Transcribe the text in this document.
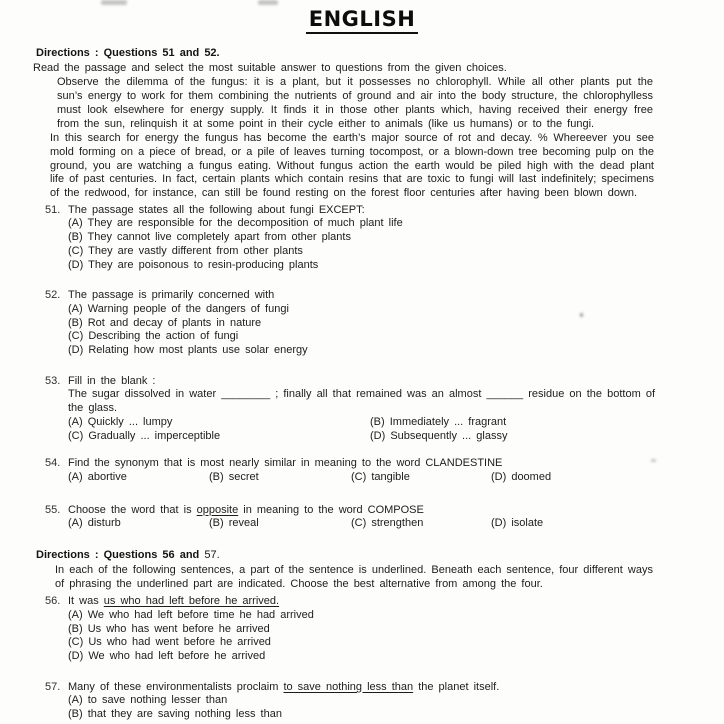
ENGLISH
Directions : Questions 51 and 52.
Read the passage and select the most suitable answer to questions from the given choices.

Observe the dilemma of the fungus: it is a plant, but it possesses no chlorophyll. While all other plants put the sun’s energy to work for them combining the nutrients of ground and air into the body structure, the chlorophylless must look elsewhere for energy supply. It finds it in those other plants which, having received their energy free from the sun, relinquish it at some point in their cycle either to animals (like us humans) or to the fungi.

In this search for energy the fungus has become the earth’s major source of rot and decay. % Whereever you see mold forming on a piece of bread, or a pile of leaves turning tocompost, or a blown-down tree becoming pulp on the ground, you are watching a fungus eating. Without fungus action the earth would be piled high with the dead plant life of past centuries. In fact, certain plants which contain resins that are toxic to fungi will last indefinitely; specimens of the redwood, for instance, can still be found resting on the forest floor centuries after having been blown down.

51. The passage states all the following about fungi EXCEPT:
(A) They are responsible for the decomposition of much plant life
(B) They cannot live completely apart from other plants
(C) They are vastly different from other plants
(D) They are poisonous to resin-producing plants
52. The passage is primarily concerned with
(A) Warning people of the dangers of fungi
(B) Rot and decay of plants in nature
(C) Describing the action of fungi
(D) Relating how most plants use solar energy
53. Fill in the blank :
The sugar dissolved in water ________ ; finally all that remained was an almost ______ residue on the bottom of the glass.
(A) Quickly ... lumpy	(B) Immediately ... fragrant
(C) Gradually ... imperceptible	(D) Subsequently ... glassy
54. Find the synonym that is most nearly similar in meaning to the word CLANDESTINE
(A) abortive	(B) secret	(C) tangible	(D) doomed
55. Choose the word that is opposite in meaning to the word COMPOSE
(A) disturb	(B) reveal	(C) strengthen	(D) isolate
Directions : Questions 56 and 57.
In each of the following sentences, a part of the sentence is underlined. Beneath each sentence, four different ways of phrasing the underlined part are indicated. Choose the best alternative from among the four.
56. It was us who had left before he arrived.
(A) We who had left before time he had arrived
(B) Us who has went before he arrived
(C) Us who had went before he arrived
(D) We who had left before he arrived
57. Many of these environmentalists proclaim to save nothing less than the planet itself.
(A) to save nothing lesser than
(B) that they are saving nothing less than
